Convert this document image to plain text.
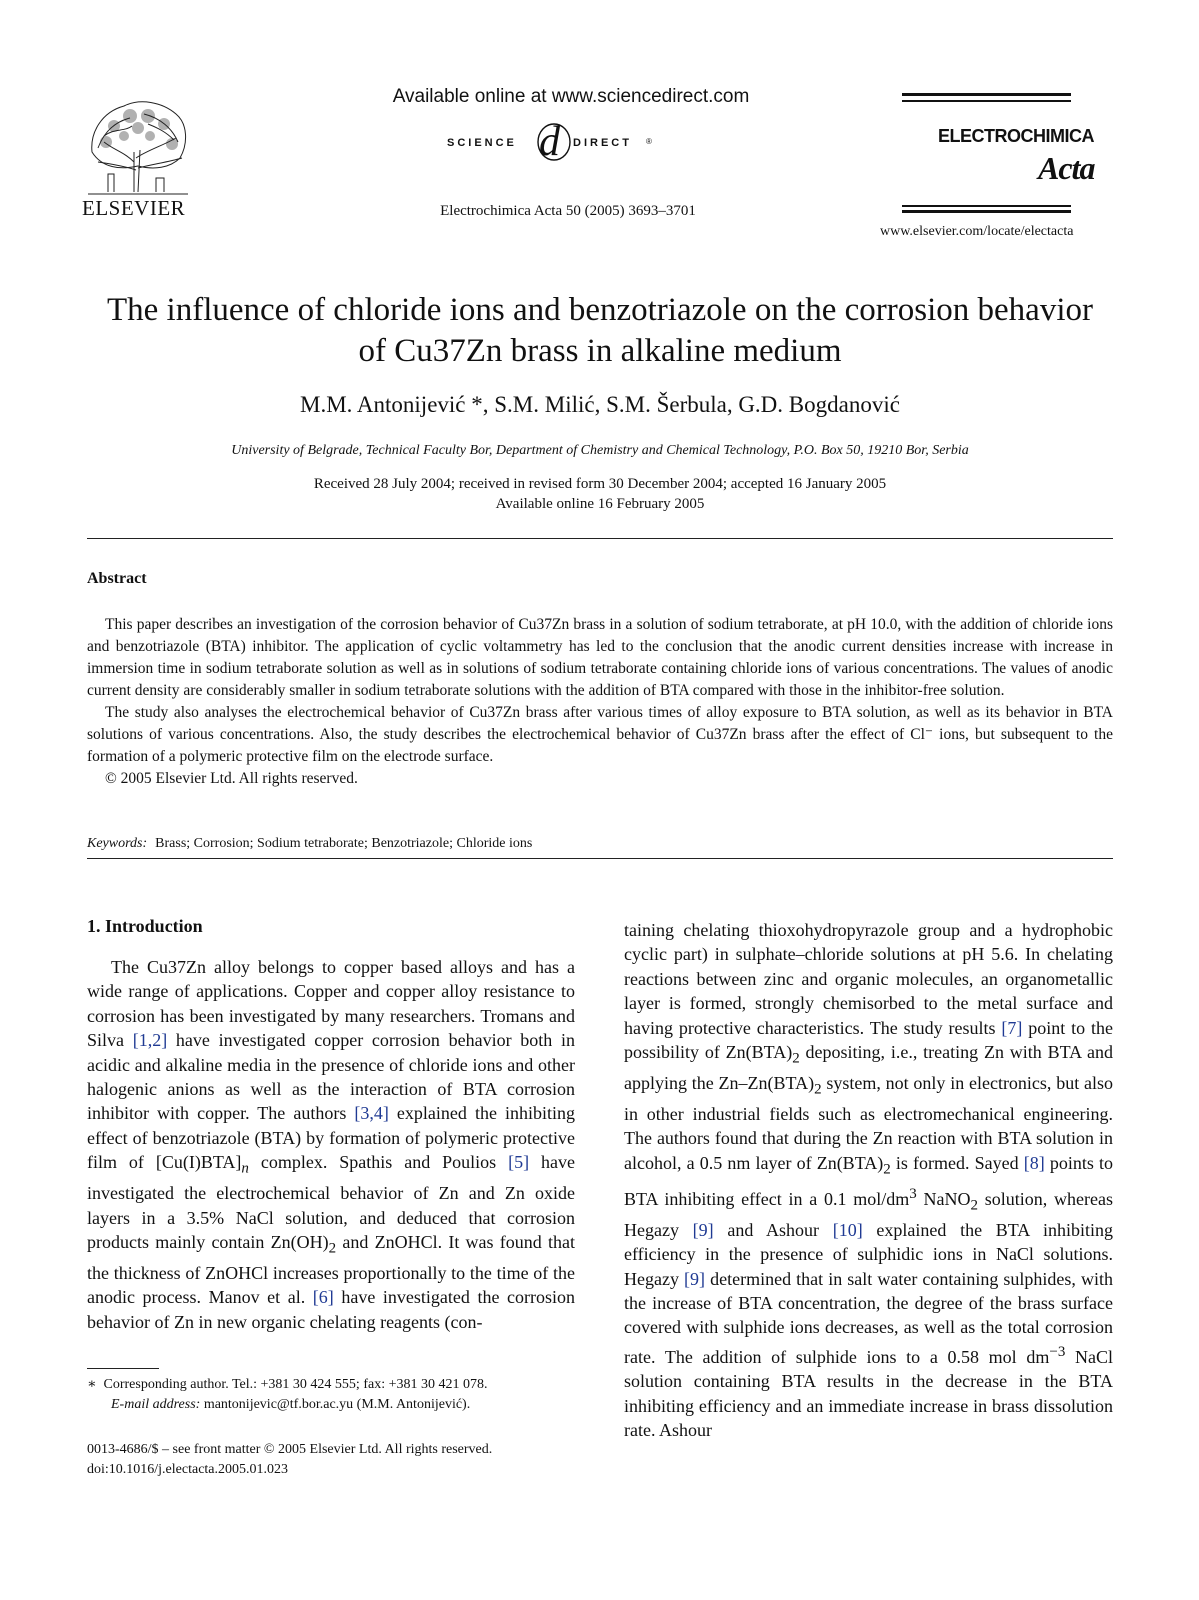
ELSEVIER
Available online at www.sciencedirect.com
SCIENCE d DIRECT ®
Electrochimica Acta 50 (2005) 3693–3701
ELECTROCHIMICA
Acta
www.elsevier.com/locate/electacta
The influence of chloride ions and benzotriazole on the corrosion behavior of Cu37Zn brass in alkaline medium
M.M. Antonijević *, S.M. Milić, S.M. Šerbula, G.D. Bogdanović
University of Belgrade, Technical Faculty Bor, Department of Chemistry and Chemical Technology, P.O. Box 50, 19210 Bor, Serbia
Received 28 July 2004; received in revised form 30 December 2004; accepted 16 January 2005
Available online 16 February 2005
Abstract

This paper describes an investigation of the corrosion behavior of Cu37Zn brass in a solution of sodium tetraborate, at pH 10.0, with the addition of chloride ions and benzotriazole (BTA) inhibitor. The application of cyclic voltammetry has led to the conclusion that the anodic current densities increase with increase in immersion time in sodium tetraborate solution as well as in solutions of sodium tetraborate containing chloride ions of various concentrations. The values of anodic current density are considerably smaller in sodium tetraborate solutions with the addition of BTA compared with those in the inhibitor-free solution.

The study also analyses the electrochemical behavior of Cu37Zn brass after various times of alloy exposure to BTA solution, as well as its behavior in BTA solutions of various concentrations. Also, the study describes the electrochemical behavior of Cu37Zn brass after the effect of Cl⁻ ions, but subsequent to the formation of a polymeric protective film on the electrode surface.

© 2005 Elsevier Ltd. All rights reserved.

Keywords: Brass; Corrosion; Sodium tetraborate; Benzotriazole; Chloride ions
1. Introduction
The Cu37Zn alloy belongs to copper based alloys and has a wide range of applications. Copper and copper alloy resistance to corrosion has been investigated by many researchers. Tromans and Silva [1,2] have investigated copper corrosion behavior both in acidic and alkaline media in the presence of chloride ions and other halogenic anions as well as the interaction of BTA corrosion inhibitor with copper. The authors [3,4] explained the inhibiting effect of benzotriazole (BTA) by formation of polymeric protective film of $[Cu(I)BTA]_n$ complex. Spathis and Poulios [5] have investigated the electrochemical behavior of Zn and Zn oxide layers in a 3.5% NaCl solution, and deduced that corrosion products mainly contain $Zn(OH)_2$ and ZnOHCl. It was found that the thickness of ZnOHCl increases proportionally to the time of the anodic process. Manov et al. [6] have investigated the corrosion behavior of Zn in new organic chelating reagents (con-
taining chelating thioxohydropyrazole group and a hydrophobic cyclic part) in sulphate–chloride solutions at pH 5.6. In chelating reactions between zinc and organic molecules, an organometallic layer is formed, strongly chemisorbed to the metal surface and having protective characteristics. The study results [7] point to the possibility of $Zn(BTA)_2$ depositing, i.e., treating Zn with BTA and applying the $Zn-Zn(BTA)_2$ system, not only in electronics, but also in other industrial fields such as electromechanical engineering. The authors found that during the Zn reaction with BTA solution in alcohol, a 0.5 nm layer of $Zn(BTA)_2$ is formed. Sayed [8] points to BTA inhibiting effect in a 0.1 mol/$dm^3$ NaNO$_2$ solution, whereas Hegazy [9] and Ashour [10] explained the BTA inhibiting efficiency in the presence of sulphidic ions in NaCl solutions. Hegazy [9] determined that in salt water containing sulphides, with the increase of BTA concentration, the degree of the brass surface covered with sulphide ions decreases, as well as the total corrosion rate. The addition of sulphide ions to a 0.58 mol $dm^{-3}$ NaCl solution containing BTA results in the decrease in the BTA inhibiting efficiency and an immediate increase in brass dissolution rate. Ashour
∗ Corresponding author. Tel.: +381 30 424 555; fax: +381 30 421 078.
E-mail address: mantonijevic@tf.bor.ac.yu (M.M. Antonijević).
0013-4686/$ – see front matter © 2005 Elsevier Ltd. All rights reserved.
doi:10.1016/j.electacta.2005.01.023
